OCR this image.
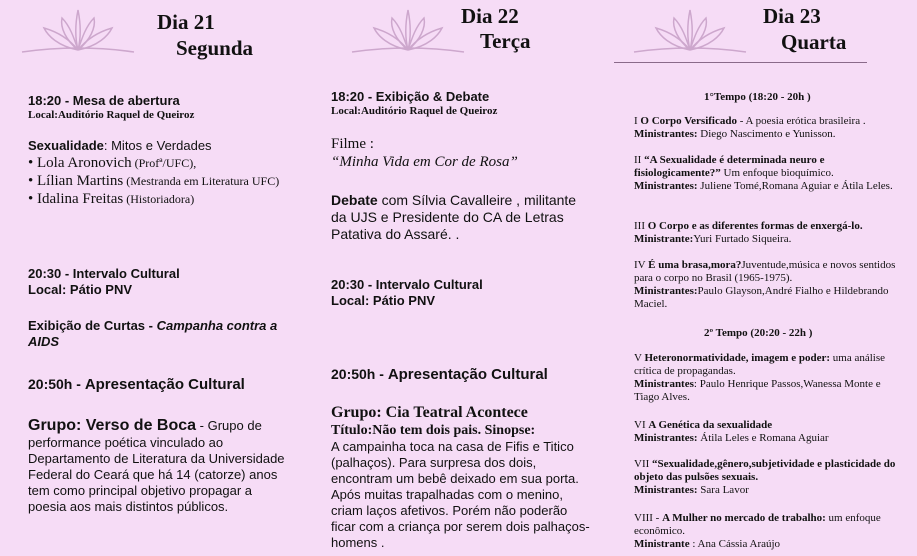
Dia 21
Segunda
Dia 22
Terça
Dia 23
Quarta

18:20 - Mesa de abertura

Local:Auditório Raquel de Queiroz

Sexualidade: Mitos e Verdades

• Lola Aronovich (Profª/UFC),

• Lílian Martins (Mestranda em Literatura UFC)

• Idalina Freitas (Historiadora)

20:30 - Intervalo Cultural

Local: Pátio PNV

Exibição de Curtas - Campanha contra a AIDS

20:50h - Apresentação Cultural

Grupo: Verso de Boca - Grupo de performance poética vinculado ao Departamento de Literatura da Universidade Federal do Ceará que há 14 (catorze) anos tem como principal objetivo propagar a poesia aos mais distintos públicos.

18:20 - Exibição & Debate

Local:Auditório Raquel de Queiroz

Filme :

“Minha Vida em Cor de Rosa”

Debate com Sílvia Cavalleire , militante da UJS e Presidente do CA de Letras Patativa do Assaré. .

20:30 - Intervalo Cultural

Local: Pátio PNV

20:50h - Apresentação Cultural

Grupo: Cia Teatral Acontece

Título:Não tem dois pais. Sinopse:

A campainha toca na casa de Fifis e Titico (palhaços). Para surpresa dos dois, encontram um bebê deixado em sua porta. Após muitas trapalhadas com o menino, criam laços afetivos. Porém não poderão ficar com a criança por serem dois palhaços-homens .

1°Tempo (18:20 - 20h )

I O Corpo Versificado - A poesia erótica brasileira .

Ministrantes: Diego Nascimento e Yunisson.

II “A Sexualidade é determinada neuro e fisiologicamente?” Um enfoque bioquímico.

Ministrantes: Juliene Tomé,Romana Aguiar e Átila Leles.

III O Corpo e as diferentes formas de enxergá-lo.

Ministrante:Yuri Furtado Siqueira.

IV É uma brasa,mora?Juventude,música e novos sentidos para o corpo no Brasil (1965-1975).

Ministrantes:Paulo Glayson,André Fialho e Hildebrando Maciel.

2º Tempo (20:20 - 22h )

V Heteronormatividade, imagem e poder: uma análise crítica de propagandas.

Ministrantes: Paulo Henrique Passos,Wanessa Monte e Tiago Alves.

VI A Genética da sexualidade

Ministrantes: Átila Leles e Romana Aguiar

VII “Sexualidade,gênero,subjetividade e plasticidade do objeto das pulsões sexuais.

Ministrantes: Sara Lavor

VIII - A Mulher no mercado de trabalho: um enfoque econômico.

Ministrante : Ana Cássia Araújo
